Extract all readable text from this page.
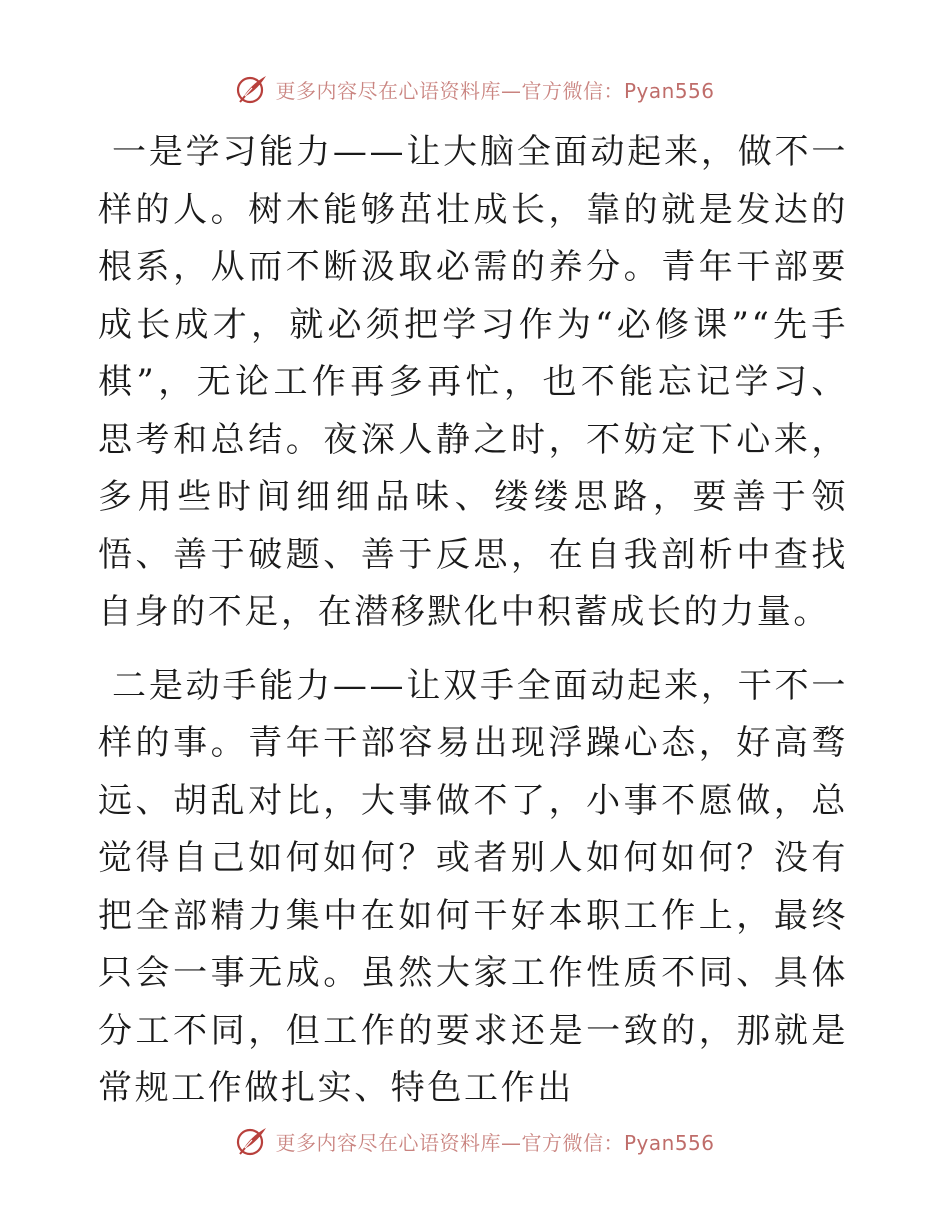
更多内容尽在心语资料库—官方微信：Pyan556

一是学习能力——让大脑全面动起来，做不一样的人。树木能够茁壮成长，靠的就是发达的根系，从而不断汲取必需的养分。青年干部要成长成才，就必须把学习作为“必修课”“先手棋”，无论工作再多再忙，也不能忘记学习、思考和总结。夜深人静之时，不妨定下心来，多用些时间细细品味、缕缕思路，要善于领悟、善于破题、善于反思，在自我剖析中查找自身的不足，在潜移默化中积蓄成长的力量。

二是动手能力——让双手全面动起来，干不一样的事。青年干部容易出现浮躁心态，好高骛远、胡乱对比，大事做不了，小事不愿做，总觉得自己如何如何？或者别人如何如何？没有把全部精力集中在如何干好本职工作上，最终只会一事无成。虽然大家工作性质不同、具体分工不同，但工作的要求还是一致的，那就是常规工作做扎实、特色工作出

更多内容尽在心语资料库—官方微信：Pyan556
